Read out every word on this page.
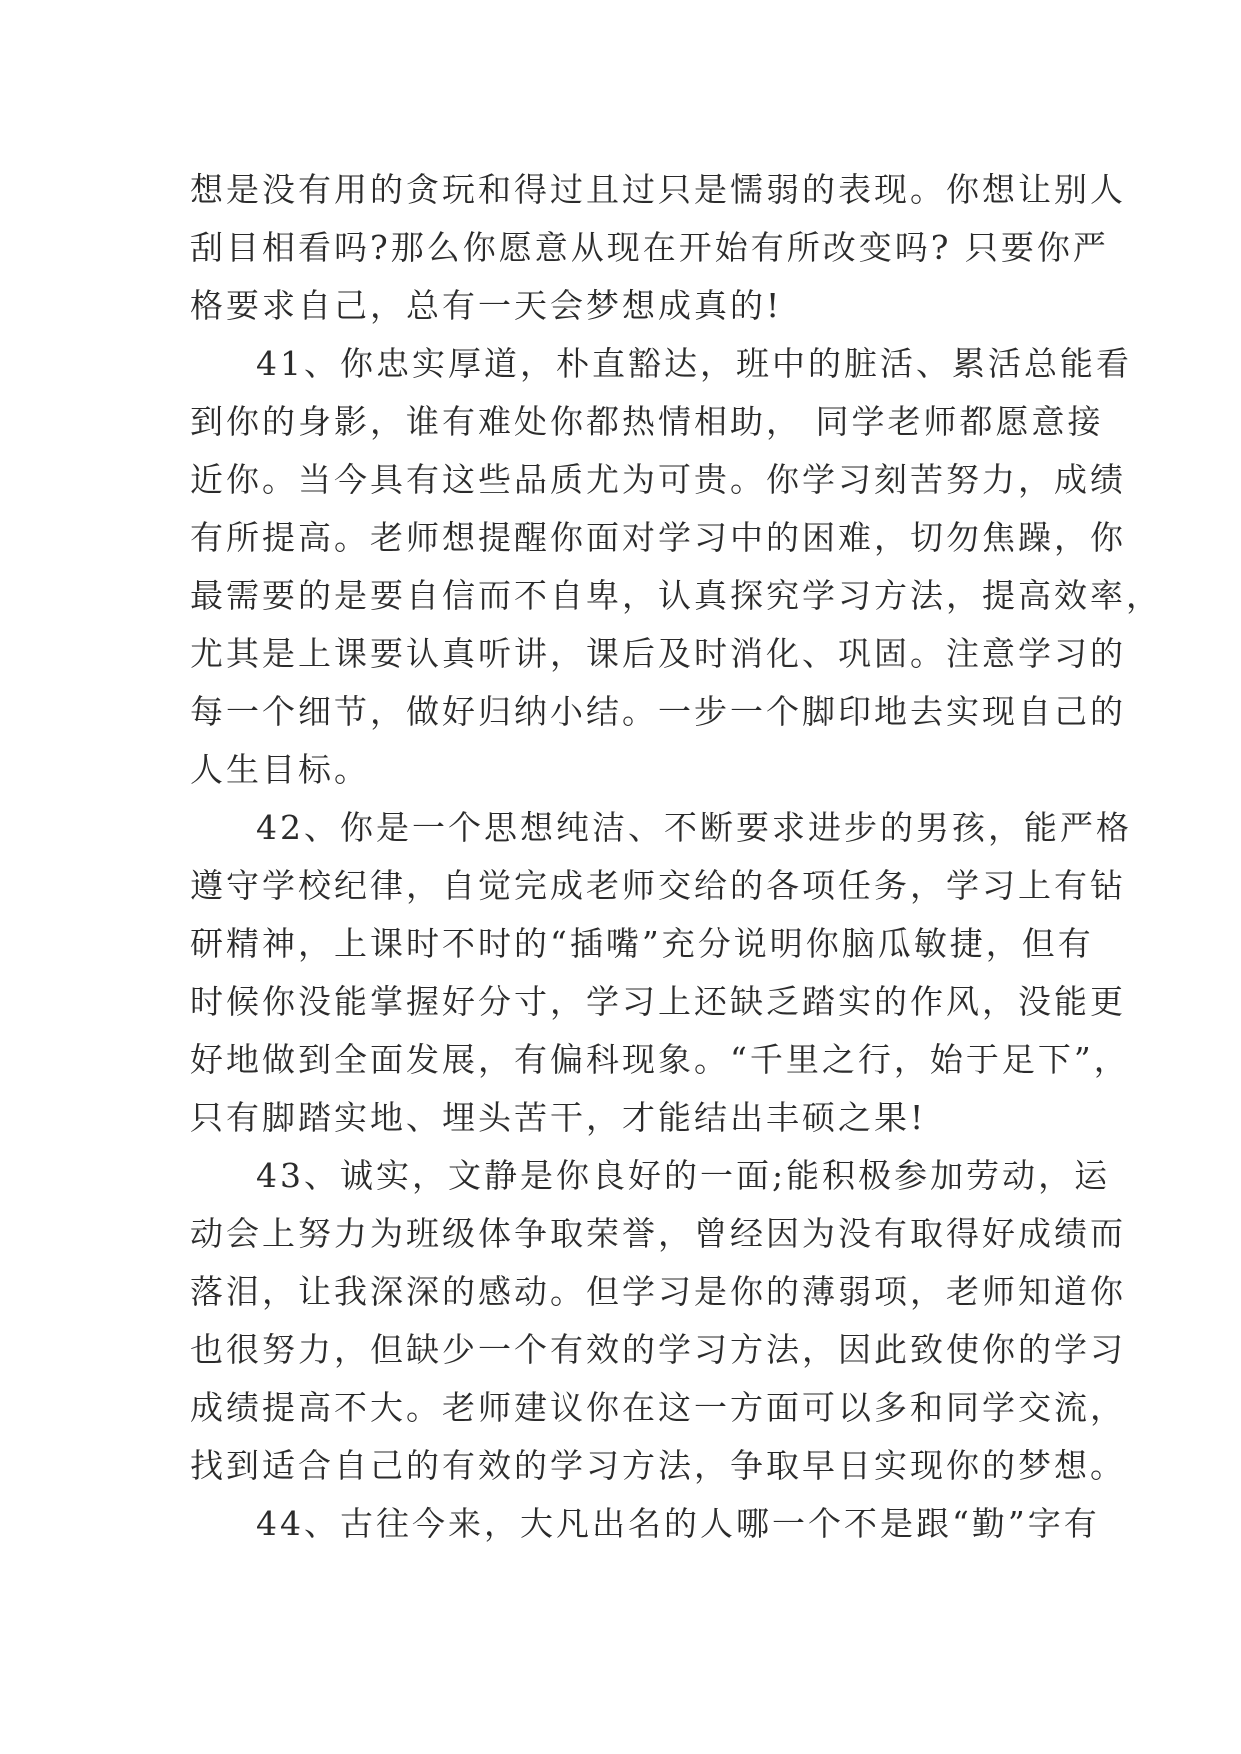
想是没有用的贪玩和得过且过只是懦弱的表现。你想让别人
刮目相看吗?那么你愿意从现在开始有所改变吗? 只要你严
格要求自己，总有一天会梦想成真的!
41、你忠实厚道，朴直豁达，班中的脏活、累活总能看
到你的身影，谁有难处你都热情相助， 同学老师都愿意接
近你。当今具有这些品质尤为可贵。你学习刻苦努力，成绩
有所提高。老师想提醒你面对学习中的困难，切勿焦躁，你
最需要的是要自信而不自卑，认真探究学习方法，提高效率，
尤其是上课要认真听讲，课后及时消化、巩固。注意学习的
每一个细节，做好归纳小结。一步一个脚印地去实现自己的
人生目标。
42、你是一个思想纯洁、不断要求进步的男孩，能严格
遵守学校纪律，自觉完成老师交给的各项任务，学习上有钻
研精神，上课时不时的“插嘴”充分说明你脑瓜敏捷，但有
时候你没能掌握好分寸，学习上还缺乏踏实的作风，没能更
好地做到全面发展，有偏科现象。“千里之行，始于足下”，
只有脚踏实地、埋头苦干，才能结出丰硕之果!
43、诚实，文静是你良好的一面;能积极参加劳动，运
动会上努力为班级体争取荣誉，曾经因为没有取得好成绩而
落泪，让我深深的感动。但学习是你的薄弱项，老师知道你
也很努力，但缺少一个有效的学习方法，因此致使你的学习
成绩提高不大。老师建议你在这一方面可以多和同学交流，
找到适合自己的有效的学习方法，争取早日实现你的梦想。
44、古往今来，大凡出名的人哪一个不是跟“勤”字有
